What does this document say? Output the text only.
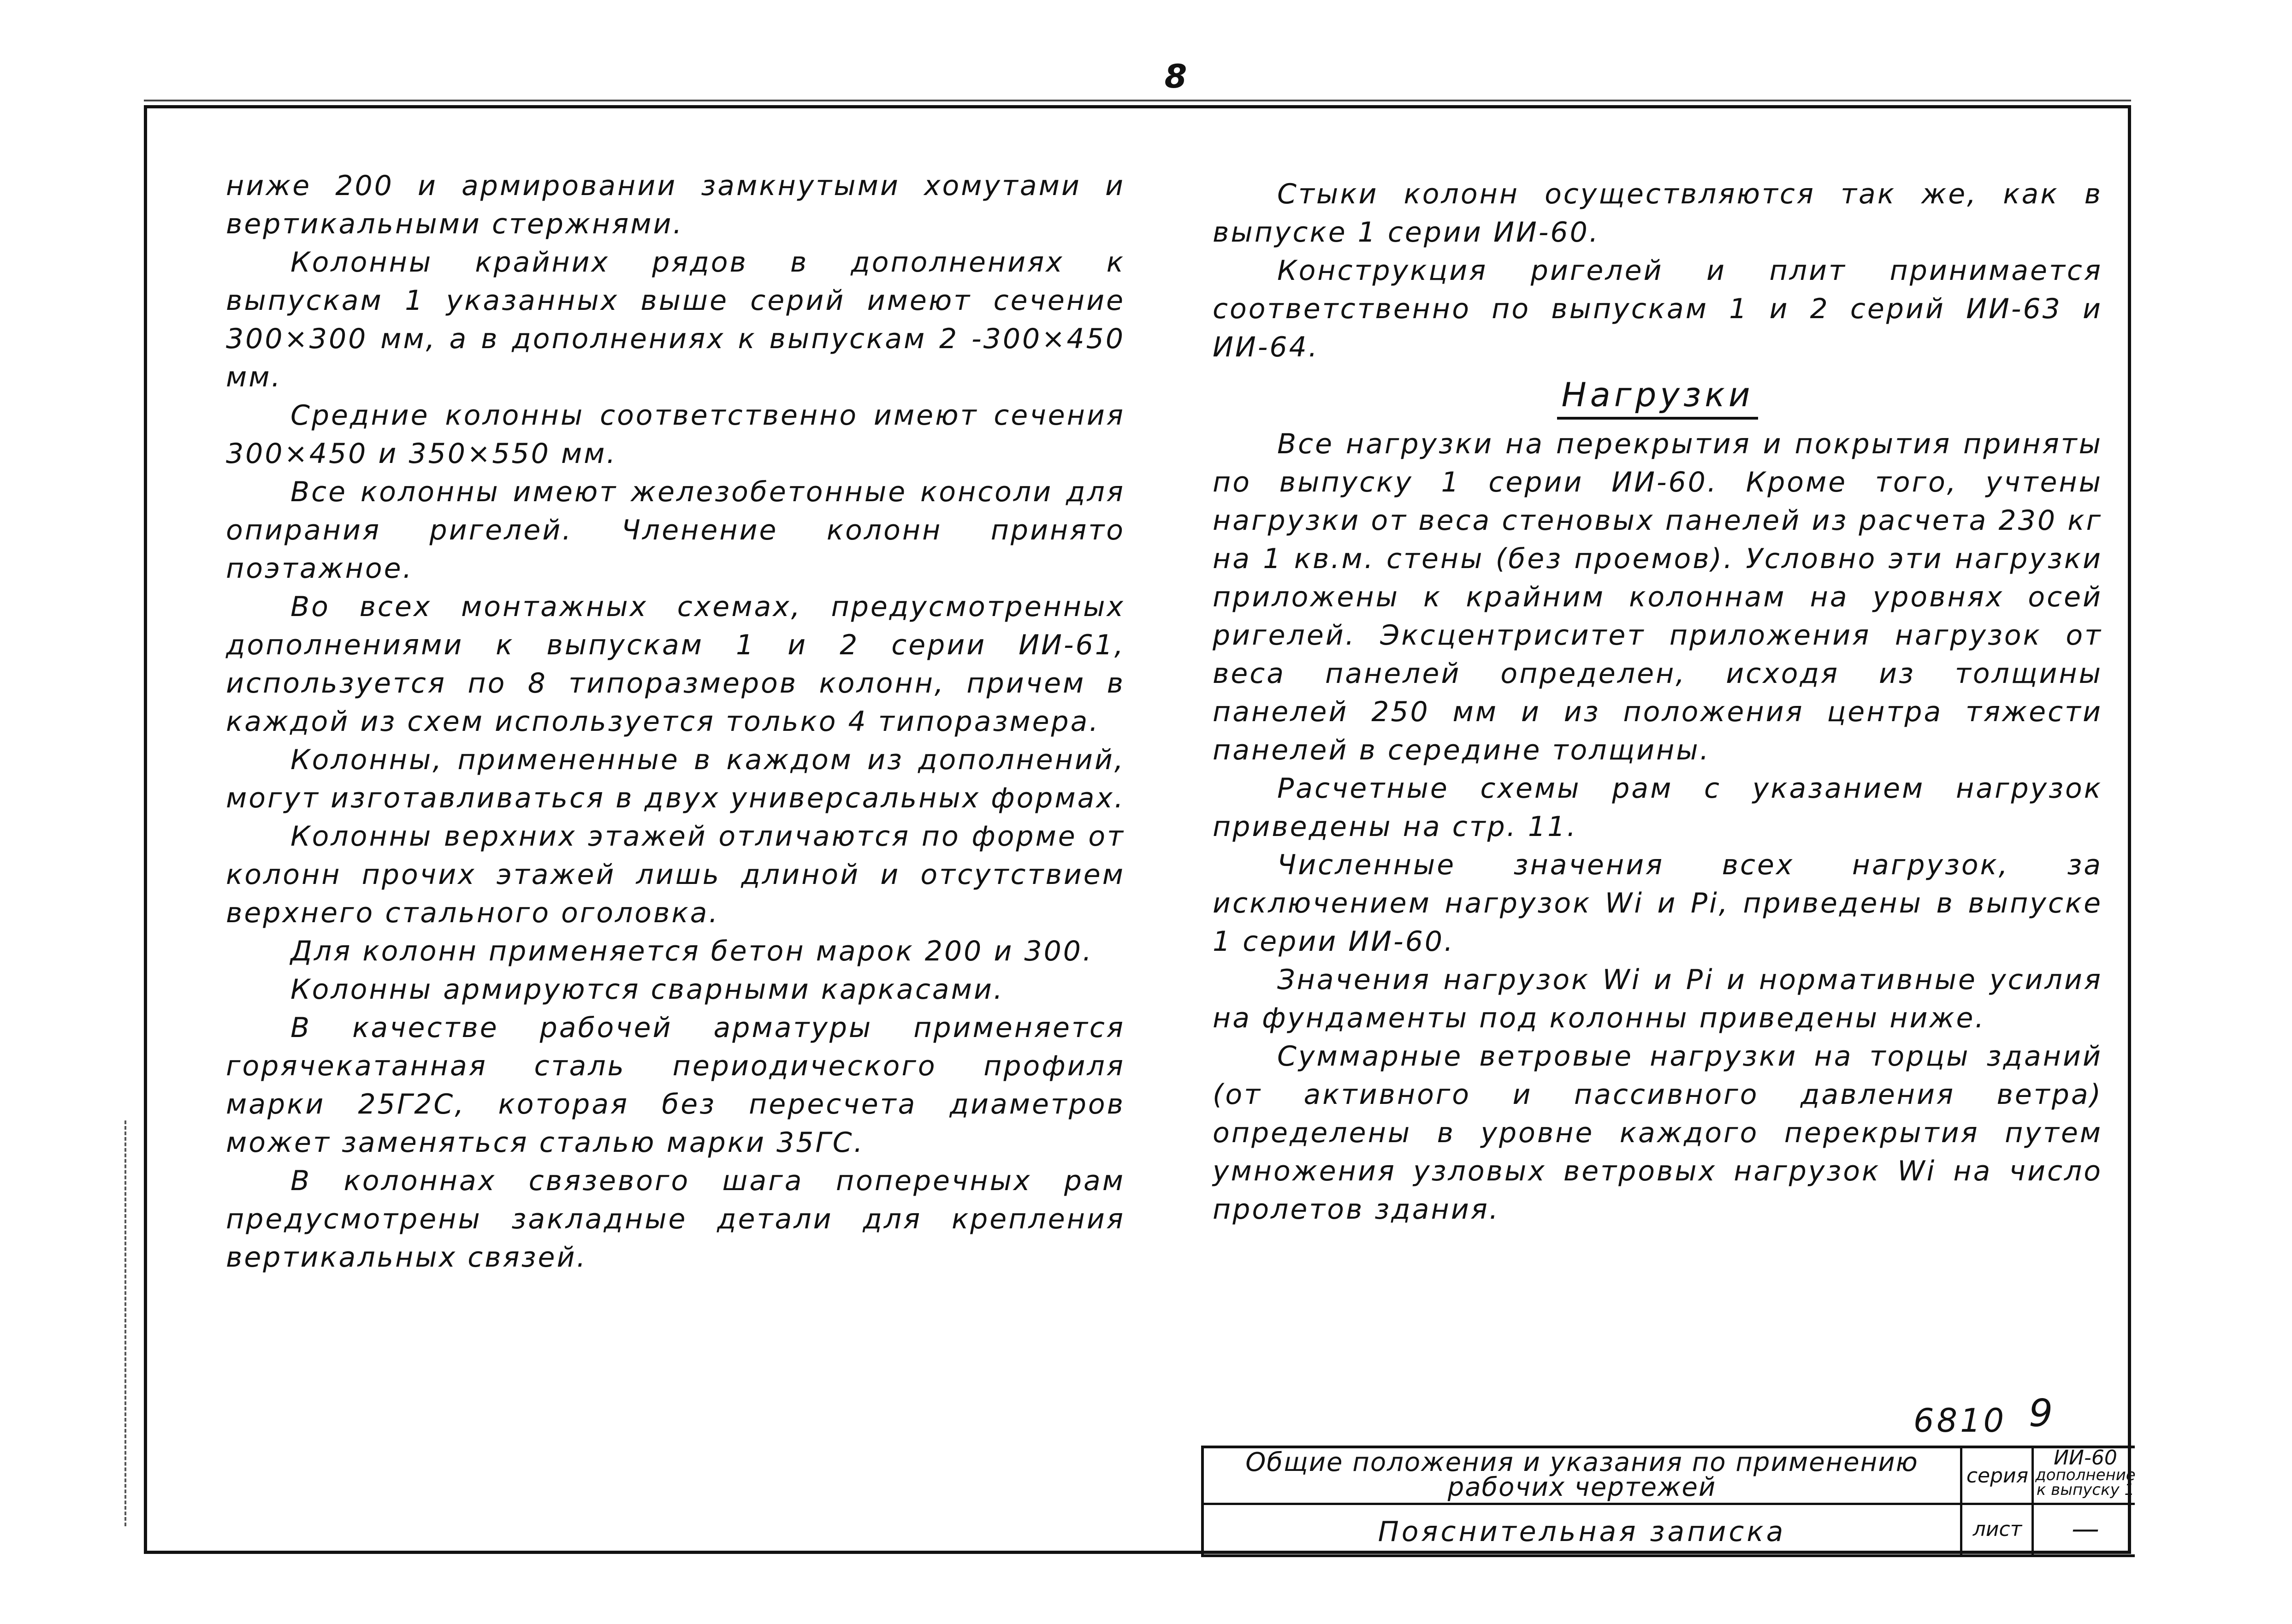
8

ниже 200 и армировании замкнутыми хомутами и вертикальными стержнями.

Колонны крайних рядов в дополнениях к выпускам 1 указанных выше серий имеют сечение 300×300 мм, а в дополнениях к выпускам 2 -300×450 мм.

Средние колонны соответственно имеют сечения 300×450 и 350×550 мм.

Все колонны имеют железобетонные консоли для опирания ригелей. Членение колонн принято поэтажное.

Во всех монтажных схемах, предусмотренных дополнениями к выпускам 1 и 2 серии ИИ-61, используется по 8 типоразмеров колонн, причем в каждой из схем используется только 4 типоразмера.

Колонны, примененные в каждом из дополнений, могут изготавливаться в двух универсальных формах.

Колонны верхних этажей отличаются по форме от колонн прочих этажей лишь длиной и отсутствием верхнего стального оголовка.

Для колонн применяется бетон марок 200 и 300.

Колонны армируются сварными каркасами.

В качестве рабочей арматуры применяется горячекатанная сталь периодического профиля марки 25Г2С, которая без пересчета диаметров может заменяться сталью марки 35ГС.

В колоннах связевого шага поперечных рам предусмотрены закладные детали для крепления вертикальных связей.

Стыки колонн осуществляются так же, как в выпуске 1 серии ИИ-60.

Конструкция ригелей и плит принимается соответственно по выпускам 1 и 2 серий ИИ-63 и ИИ-64.

Нагрузки

Все нагрузки на перекрытия и покрытия приняты по выпуску 1 серии ИИ-60. Кроме того, учтены нагрузки от веса стеновых панелей из расчета 230 кг на 1 кв.м. стены (без проемов). Условно эти нагрузки приложены к крайним колоннам на уровнях осей ригелей. Эксцентриситет приложения нагрузок от веса панелей определен, исходя из толщины панелей 250 мм и из положения центра тяжести панелей в середине толщины.

Расчетные схемы рам с указанием нагрузок приведены на стр. 11.

Численные значения всех нагрузок, за исключением нагрузок Wi и Pi, приведены в выпуске 1 серии ИИ-60.

Значения нагрузок Wi и Pi и нормативные усилия на фундаменты под колонны приведены ниже.

Суммарные ветровые нагрузки на торцы зданий (от активного и пассивного давления ветра) определены в уровне каждого перекрытия путем умножения узловых ветровых нагрузок Wi на число пролетов здания.

6810 9
Общие положения и указания по применению рабочих чертежей
Пояснительная записка
серия
лист
ИИ-60
дополнение к выпуску 1
—
